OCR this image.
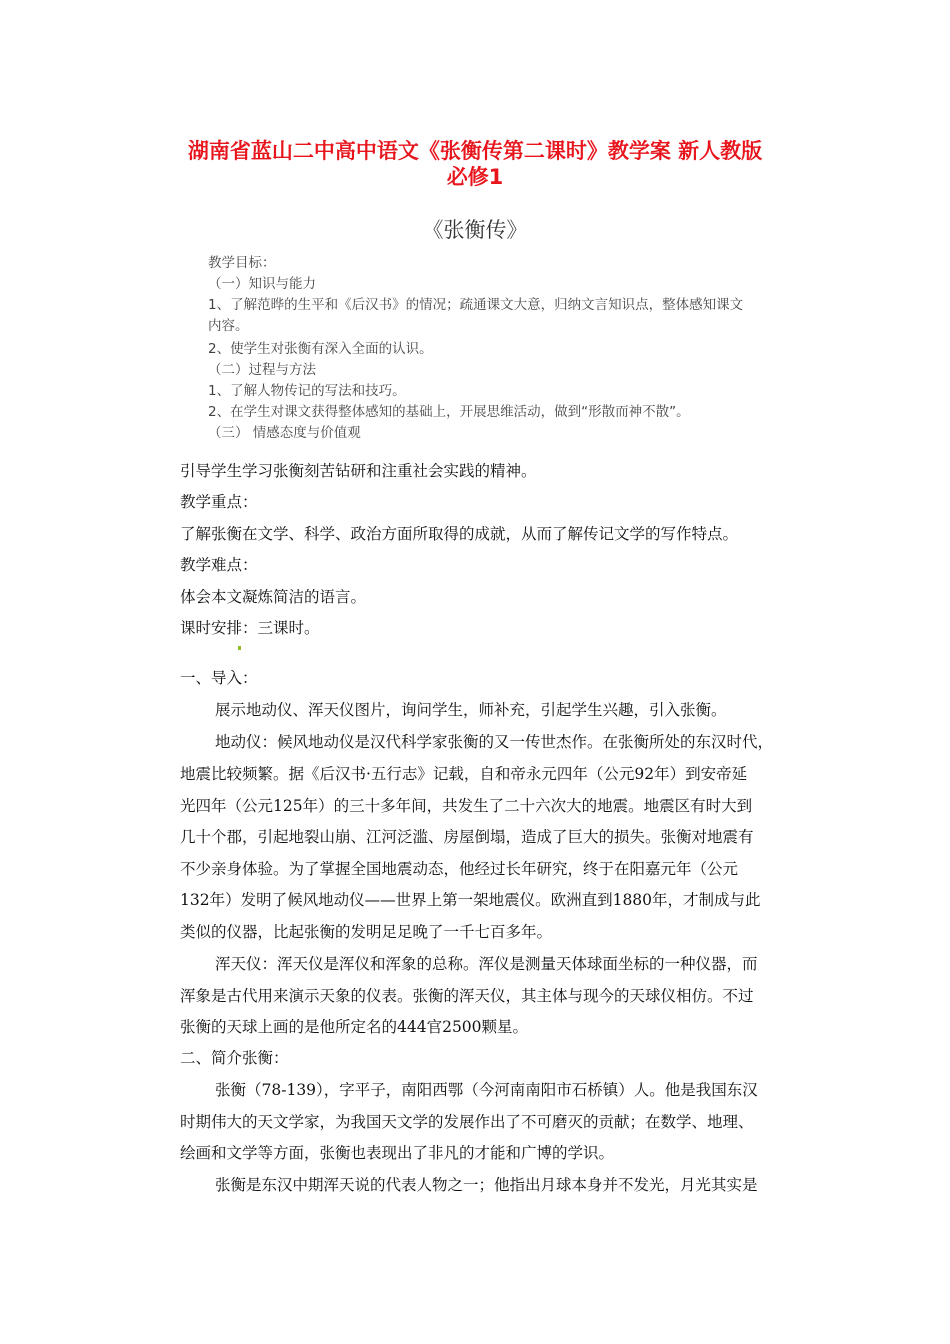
湖南省蓝山二中高中语文《张衡传第二课时》教学案 新人教版
必修1
《张衡传》
教学目标：
（一）知识与能力
1、了解范晔的生平和《后汉书》的情况；疏通课文大意，归纳文言知识点，整体感知课文
内容。
2、使学生对张衡有深入全面的认识。
（二）过程与方法
1、了解人物传记的写法和技巧。
2、在学生对课文获得整体感知的基础上，开展思维活动，做到“形散而神不散”。
（三） 情感态度与价值观
引导学生学习张衡刻苦钻研和注重社会实践的精神。
教学重点：
了解张衡在文学、科学、政治方面所取得的成就，从而了解传记文学的写作特点。
教学难点：
体会本文凝炼简洁的语言。
课时安排：三课时。
一、导入：
展示地动仪、浑天仪图片，询问学生，师补充，引起学生兴趣，引入张衡。
地动仪：候风地动仪是汉代科学家张衡的又一传世杰作。在张衡所处的东汉时代，
地震比较频繁。据《后汉书·五行志》记载，自和帝永元四年（公元92年）到安帝延
光四年（公元125年）的三十多年间，共发生了二十六次大的地震。地震区有时大到
几十个郡，引起地裂山崩、江河泛滥、房屋倒塌，造成了巨大的损失。张衡对地震有
不少亲身体验。为了掌握全国地震动态，他经过长年研究，终于在阳嘉元年（公元
132年）发明了候风地动仪——世界上第一架地震仪。欧洲直到1880年，才制成与此
类似的仪器，比起张衡的发明足足晚了一千七百多年。
浑天仪：浑天仪是浑仪和浑象的总称。浑仪是测量天体球面坐标的一种仪器，而
浑象是古代用来演示天象的仪表。张衡的浑天仪，其主体与现今的天球仪相仿。不过
张衡的天球上画的是他所定名的444官2500颗星。
二、简介张衡：
张衡（78-139），字平子，南阳西鄂（今河南南阳市石桥镇）人。他是我国东汉
时期伟大的天文学家，为我国天文学的发展作出了不可磨灭的贡献；在数学、地理、
绘画和文学等方面，张衡也表现出了非凡的才能和广博的学识。
张衡是东汉中期浑天说的代表人物之一；他指出月球本身并不发光，月光其实是
